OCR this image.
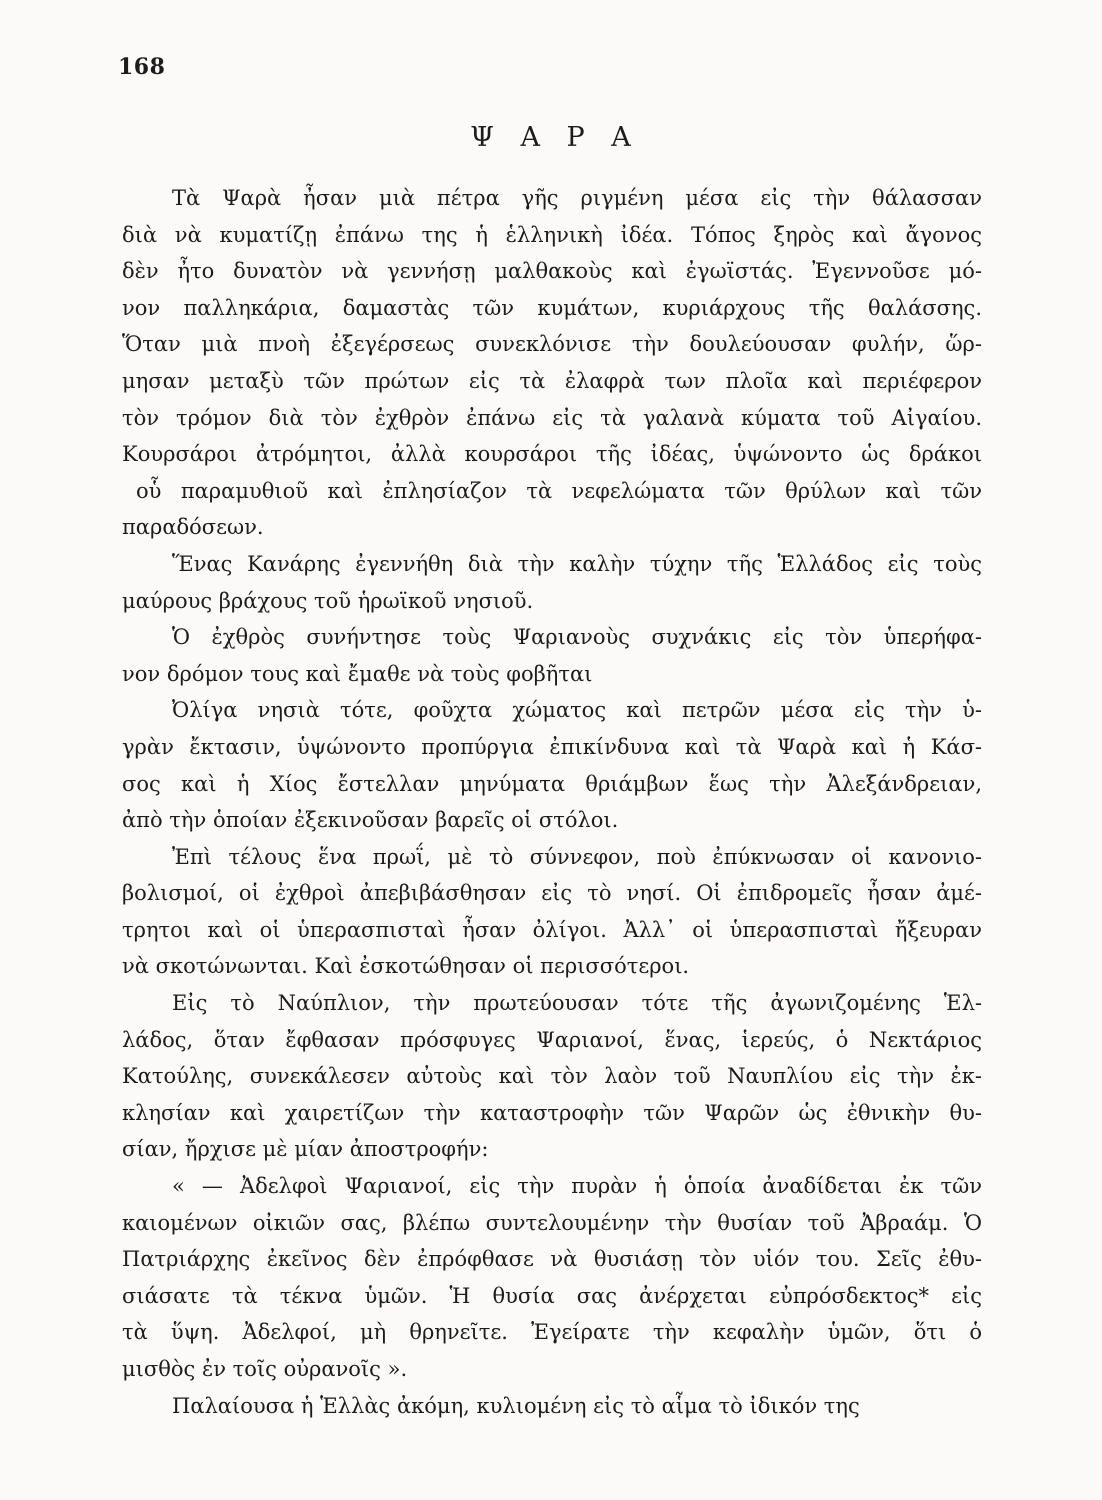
168
Ψ Α Ρ Α
Τὰ Ψαρὰ ἦσαν μιὰ πέτρα γῆς ριγμένη μέσα εἰς τὴν θάλασσαν
διὰ νὰ κυματίζῃ ἐπάνω της ἡ ἑλληνικὴ ἰδέα. Τόπος ξηρὸς καὶ ἄγονος
δὲν ἦτο δυνατὸν νὰ γεννήσῃ μαλθακοὺς καὶ ἐγωϊστάς. Ἐγεννοῦσε μό-
νον παλληκάρια, δαμαστὰς τῶν κυμάτων, κυριάρχους τῆς θαλάσσης.
Ὅταν μιὰ πνοὴ ἐξεγέρσεως συνεκλόνισε τὴν δουλεύουσαν φυλήν, ὥρ-
μησαν μεταξὺ τῶν πρώτων εἰς τὰ ἐλαφρὰ των πλοῖα καὶ περιέφερον
τὸν τρόμον διὰ τὸν ἐχθρὸν ἐπάνω εἰς τὰ γαλανὰ κύματα τοῦ Αἰγαίου.
Κουρσάροι ἀτρόμητοι, ἀλλὰ κουρσάροι τῆς ἰδέας, ὑψώνοντο ὡς δράκοι
οὗ παραμυθιοῦ καὶ ἐπλησίαζον τὰ νεφελώματα τῶν θρύλων καὶ τῶν
παραδόσεων.
Ἕνας Κανάρης ἐγεννήθη διὰ τὴν καλὴν τύχην τῆς Ἑλλάδος εἰς τοὺς
μαύρους βράχους τοῦ ἡρωϊκοῦ νησιοῦ.
Ὁ ἐχθρὸς συνήντησε τοὺς Ψαριανοὺς συχνάκις εἰς τὸν ὑπερήφα-
νον δρόμον τους καὶ ἔμαθε νὰ τοὺς φοβῆται
Ὀλίγα νησιὰ τότε, φοῦχτα χώματος καὶ πετρῶν μέσα εἰς τὴν ὑ-
γρὰν ἔκτασιν, ὑψώνοντο προπύργια ἐπικίνδυνα καὶ τὰ Ψαρὰ καὶ ἡ Κάσ-
σος καὶ ἡ Χίος ἔστελλαν μηνύματα θριάμβων ἕως τὴν Ἀλεξάνδρειαν,
ἀπὸ τὴν ὁποίαν ἐξεκινοῦσαν βαρεῖς οἱ στόλοι.
Ἐπὶ τέλους ἕνα πρωΐ, μὲ τὸ σύννεφον, ποὺ ἐπύκνωσαν οἱ κανονιο-
βολισμοί, οἱ ἐχθροὶ ἀπεβιβάσθησαν εἰς τὸ νησί. Οἱ ἐπιδρομεῖς ἦσαν ἀμέ-
τρητοι καὶ οἱ ὑπερασπισταὶ ἦσαν ὀλίγοι. Ἀλλ᾽ οἱ ὑπερασπισταὶ ἤξευραν
νὰ σκοτώνωνται. Καὶ ἐσκοτώθησαν οἱ περισσότεροι.
Εἰς τὸ Ναύπλιον, τὴν πρωτεύουσαν τότε τῆς ἀγωνιζομένης Ἑλ-
λάδος, ὅταν ἔφθασαν πρόσφυγες Ψαριανοί, ἕνας, ἱερεύς, ὁ Νεκτάριος
Κατούλης, συνεκάλεσεν αὐτοὺς καὶ τὸν λαὸν τοῦ Ναυπλίου εἰς τὴν ἐκ-
κλησίαν καὶ χαιρετίζων τὴν καταστροφὴν τῶν Ψαρῶν ὡς ἐθνικὴν θυ-
σίαν, ἤρχισε μὲ μίαν ἀποστροφήν:
« — Ἀδελφοὶ Ψαριανοί, εἰς τὴν πυρὰν ἡ ὁποία ἀναδίδεται ἐκ τῶν
καιομένων οἰκιῶν σας, βλέπω συντελουμένην τὴν θυσίαν τοῦ Ἀβραάμ. Ὁ
Πατριάρχης ἐκεῖνος δὲν ἐπρόφθασε νὰ θυσιάσῃ τὸν υἱόν του. Σεῖς ἐθυ-
σιάσατε τὰ τέκνα ὑμῶν. Ἡ θυσία σας ἀνέρχεται εὐπρόσδεκτος* εἰς
τὰ ὕψη. Ἀδελφοί, μὴ θρηνεῖτε. Ἐγείρατε τὴν κεφαλὴν ὑμῶν, ὅτι ὁ
μισθὸς ἐν τοῖς οὐρανοῖς ».
Παλαίουσα ἡ Ἑλλὰς ἀκόμη, κυλιομένη εἰς τὸ αἷμα τὸ ἰδικόν της
